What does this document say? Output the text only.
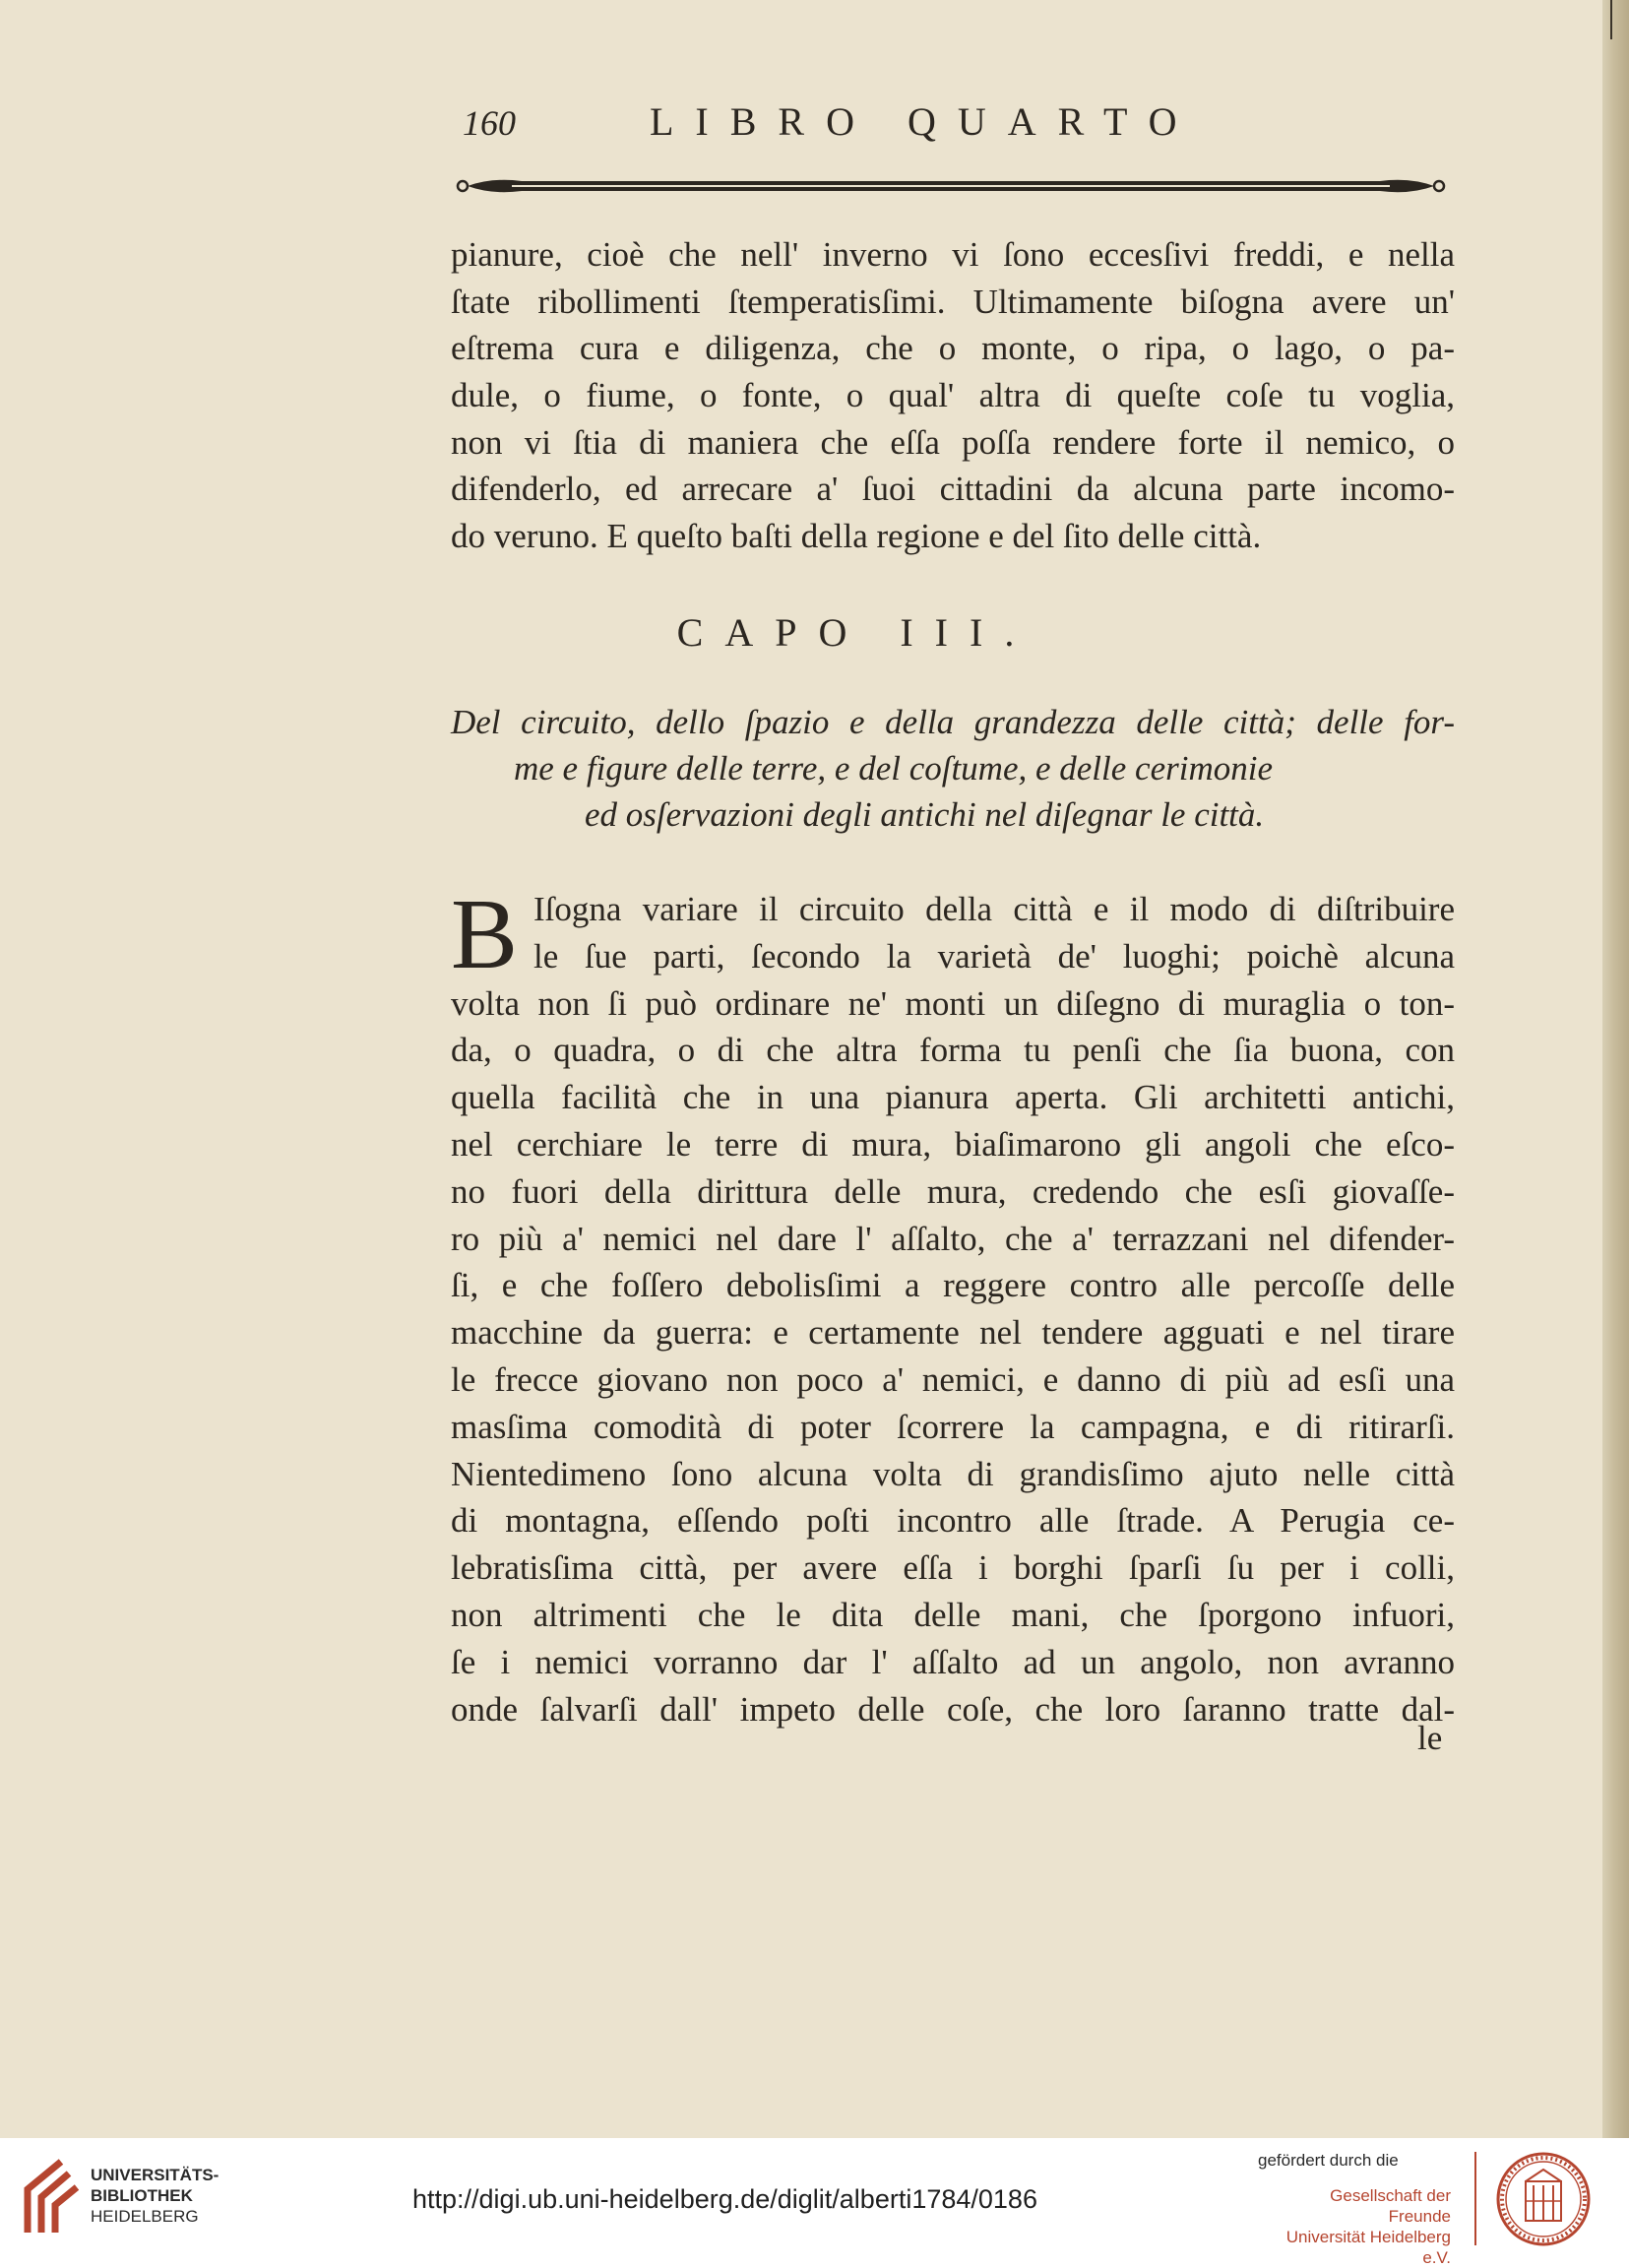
160	LIBRO QUARTO
pianure, cioè che nell' inverno vi ſono eccesſivi freddi, e nella
ſtate ribollimenti ſtemperatisſimi. Ultimamente biſogna avere un'
eſtrema cura e diligenza, che o monte, o ripa, o lago, o pa-
dule, o fiume, o fonte, o qual' altra di queſte coſe tu voglia,
non vi ſtia di maniera che eſſa poſſa rendere forte il nemico, o
difenderlo, ed arrecare a' ſuoi cittadini da alcuna parte incomo-
do veruno. E queſto baſti della regione e del ſito delle città.
CAPO III.
Del circuito, dello ſpazio e della grandezza delle città; delle for-
me e figure delle terre, e del coſtume, e delle cerimonie
ed osſervazioni degli antichi nel diſegnar le città.
B Iſogna variare il circuito della città e il modo di diſtribuire
le ſue parti, ſecondo la varietà de' luoghi; poichè alcuna
volta non ſi può ordinare ne' monti un diſegno di muraglia o ton-
da, o quadra, o di che altra forma tu penſi che ſia buona, con
quella facilità che in una pianura aperta. Gli architetti antichi,
nel cerchiare le terre di mura, biaſimarono gli angoli che eſco-
no fuori della dirittura delle mura, credendo che esſi giovaſſe-
ro più a' nemici nel dare l' aſſalto, che a' terrazzani nel difender-
ſi, e che foſſero debolisſimi a reggere contro alle percoſſe delle
macchine da guerra: e certamente nel tendere agguati e nel tirare
le frecce giovano non poco a' nemici, e danno di più ad esſi una
masſima comodità di poter ſcorrere la campagna, e di ritirarſi.
Nientedimeno ſono alcuna volta di grandisſimo ajuto nelle città
di montagna, eſſendo poſti incontro alle ſtrade. A Perugia ce-
lebratisſima città, per avere eſſa i borghi ſparſi ſu per i colli,
non altrimenti che le dita delle mani, che ſporgono infuori,
ſe i nemici vorranno dar l' aſſalto ad un angolo, non avranno
onde ſalvarſi dall' impeto delle coſe, che loro ſaranno tratte dal-
le
UNIVERSITÄTS-
BIBLIOTHEK
HEIDELBERG
http://digi.ub.uni-heidelberg.de/diglit/alberti1784/0186
gefördert durch die
Gesellschaft der Freunde
Universität Heidelberg e.V.
